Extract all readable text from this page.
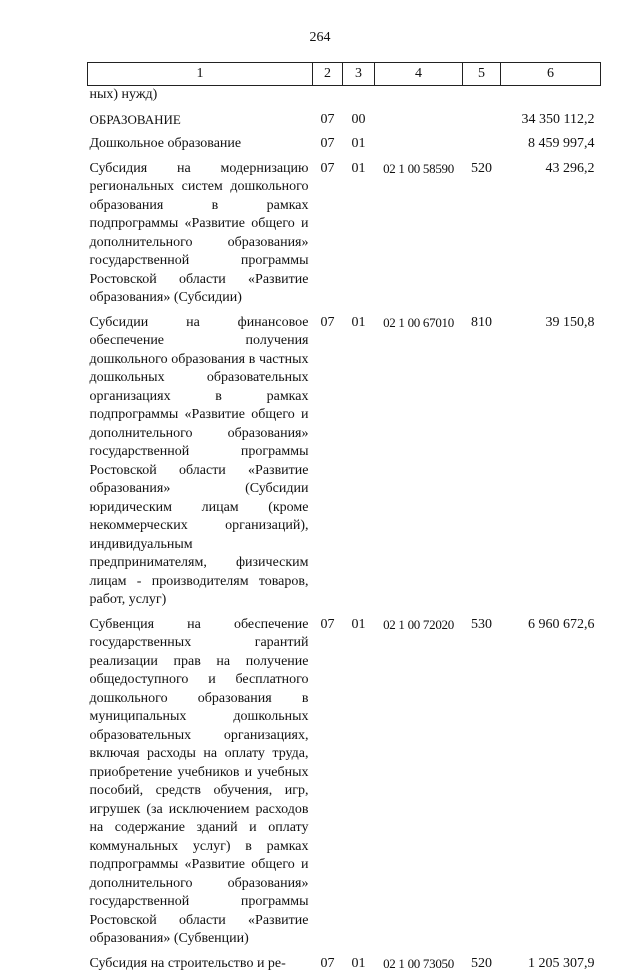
264
1	2	3	4	5	6
ных) нужд)					
ОБРАЗОВАНИЕ	07	00			34 350 112,2
Дошкольное образование	07	01			8 459 997,4
Субсидия на модернизацию региональных систем дошкольного образования в рамках подпрограммы «Развитие общего и дополнительного образования» государственной программы Ростовской области «Развитие образования» (Субсидии)	07	01	02 1 00 58590	520	43 296,2
Субсидии на финансовое обеспечение получения дошкольного образования в частных дошкольных образовательных организациях в рамках подпрограммы «Развитие общего и дополнительного образования» государственной программы Ростовской области «Развитие образования» (Субсидии юридическим лицам (кроме некоммерческих организаций), индивидуальным предпринимателям, физическим лицам - производителям товаров, работ, услуг)	07	01	02 1 00 67010	810	39 150,8
Субвенция на обеспечение государственных гарантий реализации прав на получение общедоступного и бесплатного дошкольного образования в муниципальных дошкольных образовательных организациях, включая расходы на оплату труда, приобретение учебников и учебных пособий, средств обучения, игр, игрушек (за исключением расходов на содержание зданий и оплату коммунальных услуг) в рамках подпрограммы «Развитие общего и дополнительного образования» государственной программы Ростовской области «Развитие образования» (Субвенции)	07	01	02 1 00 72020	530	6 960 672,6
Субсидия на строительство и ре-	07	01	02 1 00 73050	520	1 205 307,9
